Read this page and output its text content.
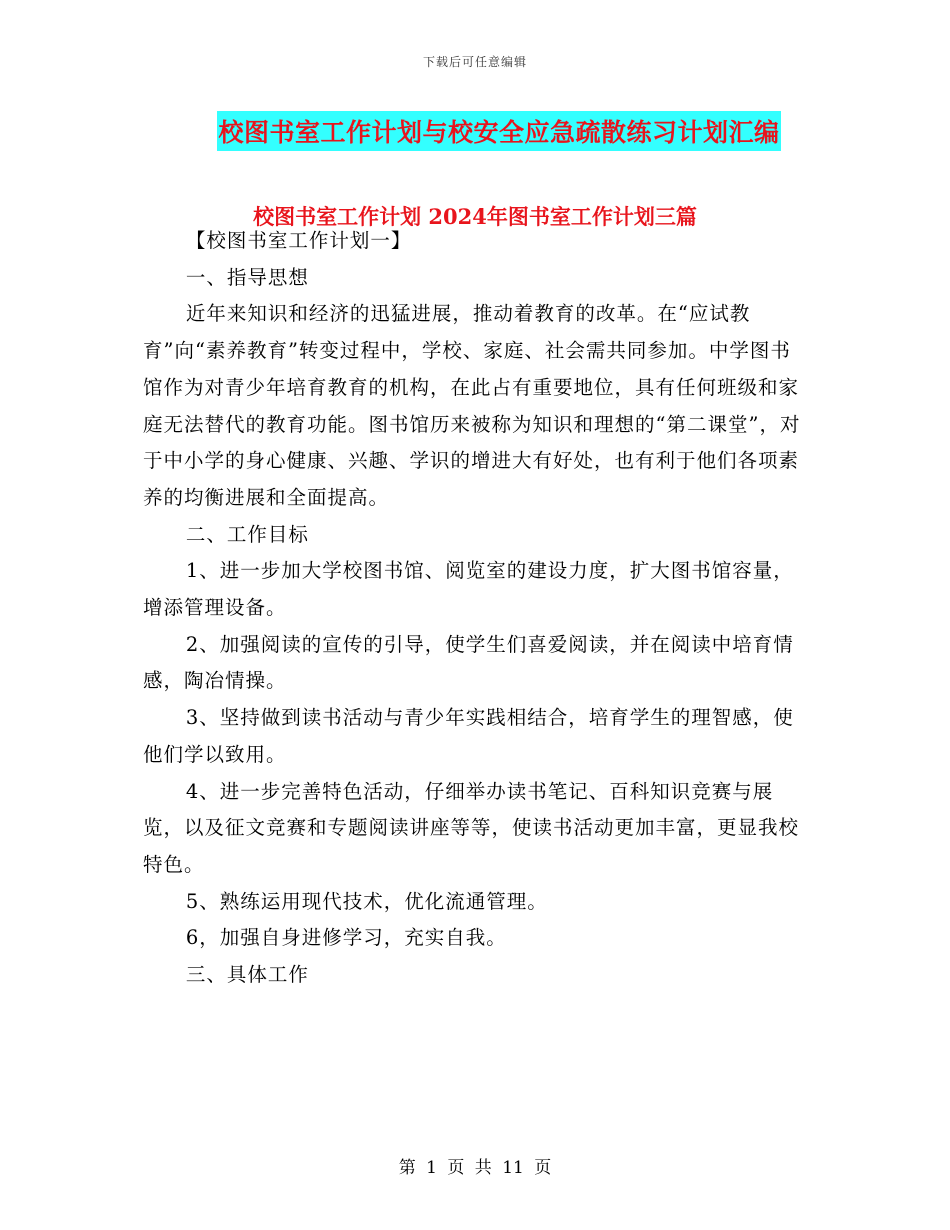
下载后可任意编辑
校图书室工作计划与校安全应急疏散练习计划汇编
校图书室工作计划 2024年图书室工作计划三篇

【校图书室工作计划一】

一、指导思想

近年来知识和经济的迅猛进展，推动着教育的改革。在“应试教育”向“素养教育”转变过程中，学校、家庭、社会需共同参加。中学图书馆作为对青少年培育教育的机构，在此占有重要地位，具有任何班级和家庭无法替代的教育功能。图书馆历来被称为知识和理想的“第二课堂”，对于中小学的身心健康、兴趣、学识的增进大有好处，也有利于他们各项素养的均衡进展和全面提高。

二、工作目标

1、进一步加大学校图书馆、阅览室的建设力度，扩大图书馆容量，增添管理设备。

2、加强阅读的宣传的引导，使学生们喜爱阅读，并在阅读中培育情感，陶冶情操。

3、坚持做到读书活动与青少年实践相结合，培育学生的理智感，使他们学以致用。

4、进一步完善特色活动，仔细举办读书笔记、百科知识竞赛与展览，以及征文竞赛和专题阅读讲座等等，使读书活动更加丰富，更显我校特色。

5、熟练运用现代技术，优化流通管理。

6，加强自身进修学习，充实自我。

三、具体工作

第 1 页 共 11 页
